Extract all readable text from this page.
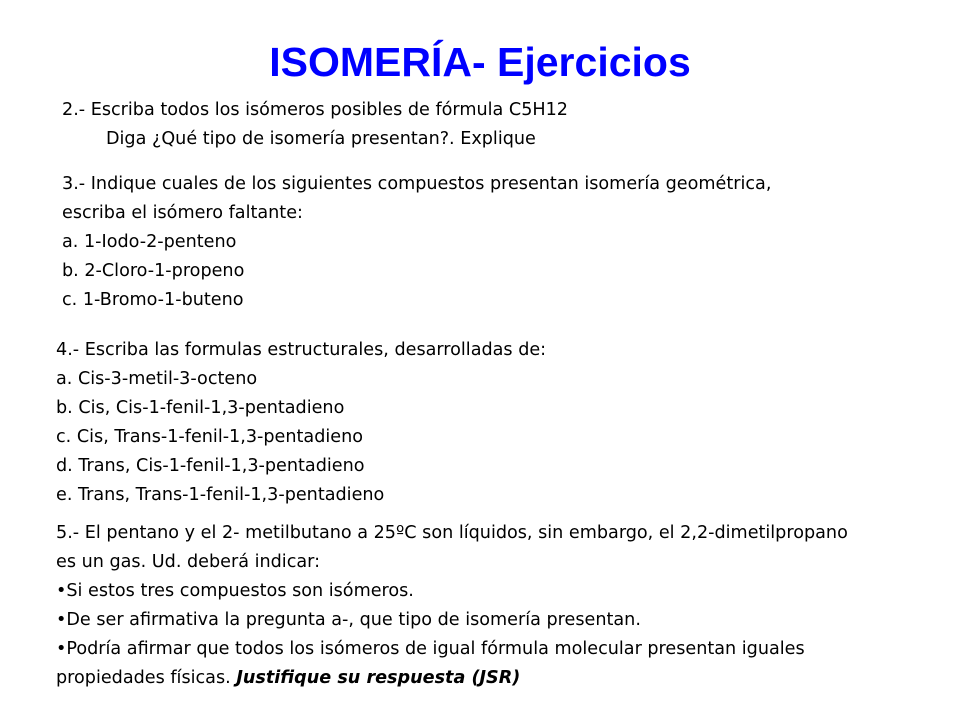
ISOMERÍA- Ejercicios
2.- Escriba todos los isómeros posibles de fórmula C5H12
Diga ¿Qué tipo de isomería presentan?. Explique
3.- Indique cuales de los siguientes compuestos presentan isomería geométrica,
escriba el isómero faltante:
a. 1-Iodo-2-penteno
b. 2-Cloro-1-propeno
c. 1-Bromo-1-buteno
4.- Escriba las formulas estructurales, desarrolladas de:
a. Cis-3-metil-3-octeno
b. Cis, Cis-1-fenil-1,3-pentadieno
c. Cis, Trans-1-fenil-1,3-pentadieno
d. Trans, Cis-1-fenil-1,3-pentadieno
e. Trans, Trans-1-fenil-1,3-pentadieno
5.- El pentano y el 2- metilbutano a 25ºC son líquidos, sin embargo, el 2,2-dimetilpropano
es un gas. Ud. deberá indicar:
•Si estos tres compuestos son isómeros.
•De ser afirmativa la pregunta a-, que tipo de isomería presentan.
•Podría afirmar que todos los isómeros de igual fórmula molecular presentan iguales
propiedades físicas. Justifique su respuesta (JSR)
